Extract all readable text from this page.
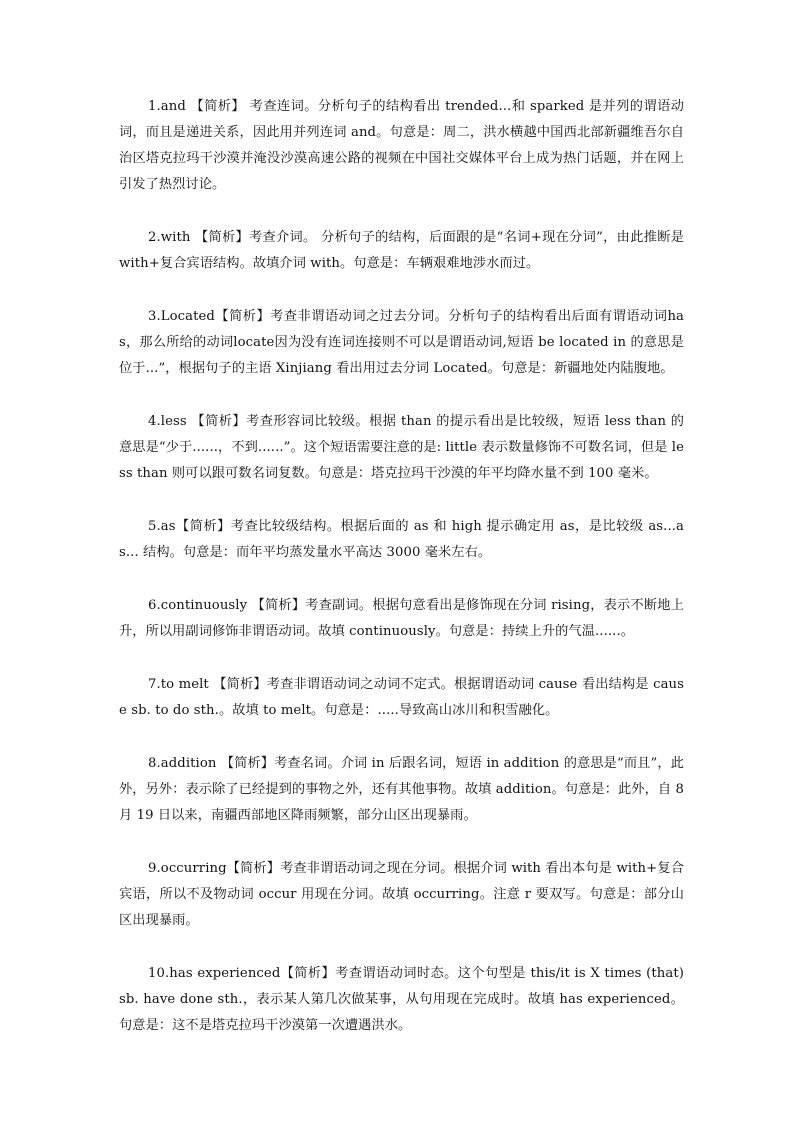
1.and 【简析】 考查连词。分析句子的结构看出 trended...和 sparked 是并列的谓语动词，而且是递进关系，因此用并列连词 and。句意是：周二，洪水横越中国西北部新疆维吾尔自治区塔克拉玛干沙漠并淹没沙漠高速公路的视频在中国社交媒体平台上成为热门话题，并在网上引发了热烈讨论。

2.with 【简析】考查介词。 分析句子的结构，后面跟的是“名词+现在分词”，由此推断是 with+复合宾语结构。故填介词 with。句意是：车辆艰难地涉水而过。

3.Located【简析】考查非谓语动词之过去分词。分析句子的结构看出后面有谓语动词has，那么所给的动词locate因为没有连词连接则不可以是谓语动词,短语 be located in 的意思是位于...”，根据句子的主语 Xinjiang 看出用过去分词 Located。句意是：新疆地处内陆腹地。

4.less 【简析】考查形容词比较级。根据 than 的提示看出是比较级，短语 less than 的意思是“少于......，不到......”。这个短语需要注意的是: little 表示数量修饰不可数名词，但是 less than 则可以跟可数名词复数。句意是：塔克拉玛干沙漠的年平均降水量不到 100 毫米。

5.as【简析】考查比较级结构。根据后面的 as 和 high 提示确定用 as，是比较级 as...as... 结构。句意是：而年平均蒸发量水平高达 3000 毫米左右。

6.continuously 【简析】考查副词。根据句意看出是修饰现在分词 rising，表示不断地上升，所以用副词修饰非谓语动词。故填 continuously。句意是：持续上升的气温......。

7.to melt 【简析】考查非谓语动词之动词不定式。根据谓语动词 cause 看出结构是 cause sb. to do sth.。故填 to melt。句意是：.....导致高山冰川和积雪融化。

8.addition 【简析】考查名词。介词 in 后跟名词，短语 in addition 的意思是“而且”，此外，另外：表示除了已经提到的事物之外，还有其他事物。故填 addition。句意是：此外，自 8 月 19 日以来，南疆西部地区降雨频繁，部分山区出现暴雨。

9.occurring【简析】考查非谓语动词之现在分词。根据介词 with 看出本句是 with+复合宾语，所以不及物动词 occur 用现在分词。故填 occurring。注意 r 要双写。句意是：部分山区出现暴雨。

10.has experienced【简析】考查谓语动词时态。这个句型是 this/it is X times (that) sb. have done sth.，表示某人第几次做某事，从句用现在完成时。故填 has experienced。句意是：这不是塔克拉玛干沙漠第一次遭遇洪水。
